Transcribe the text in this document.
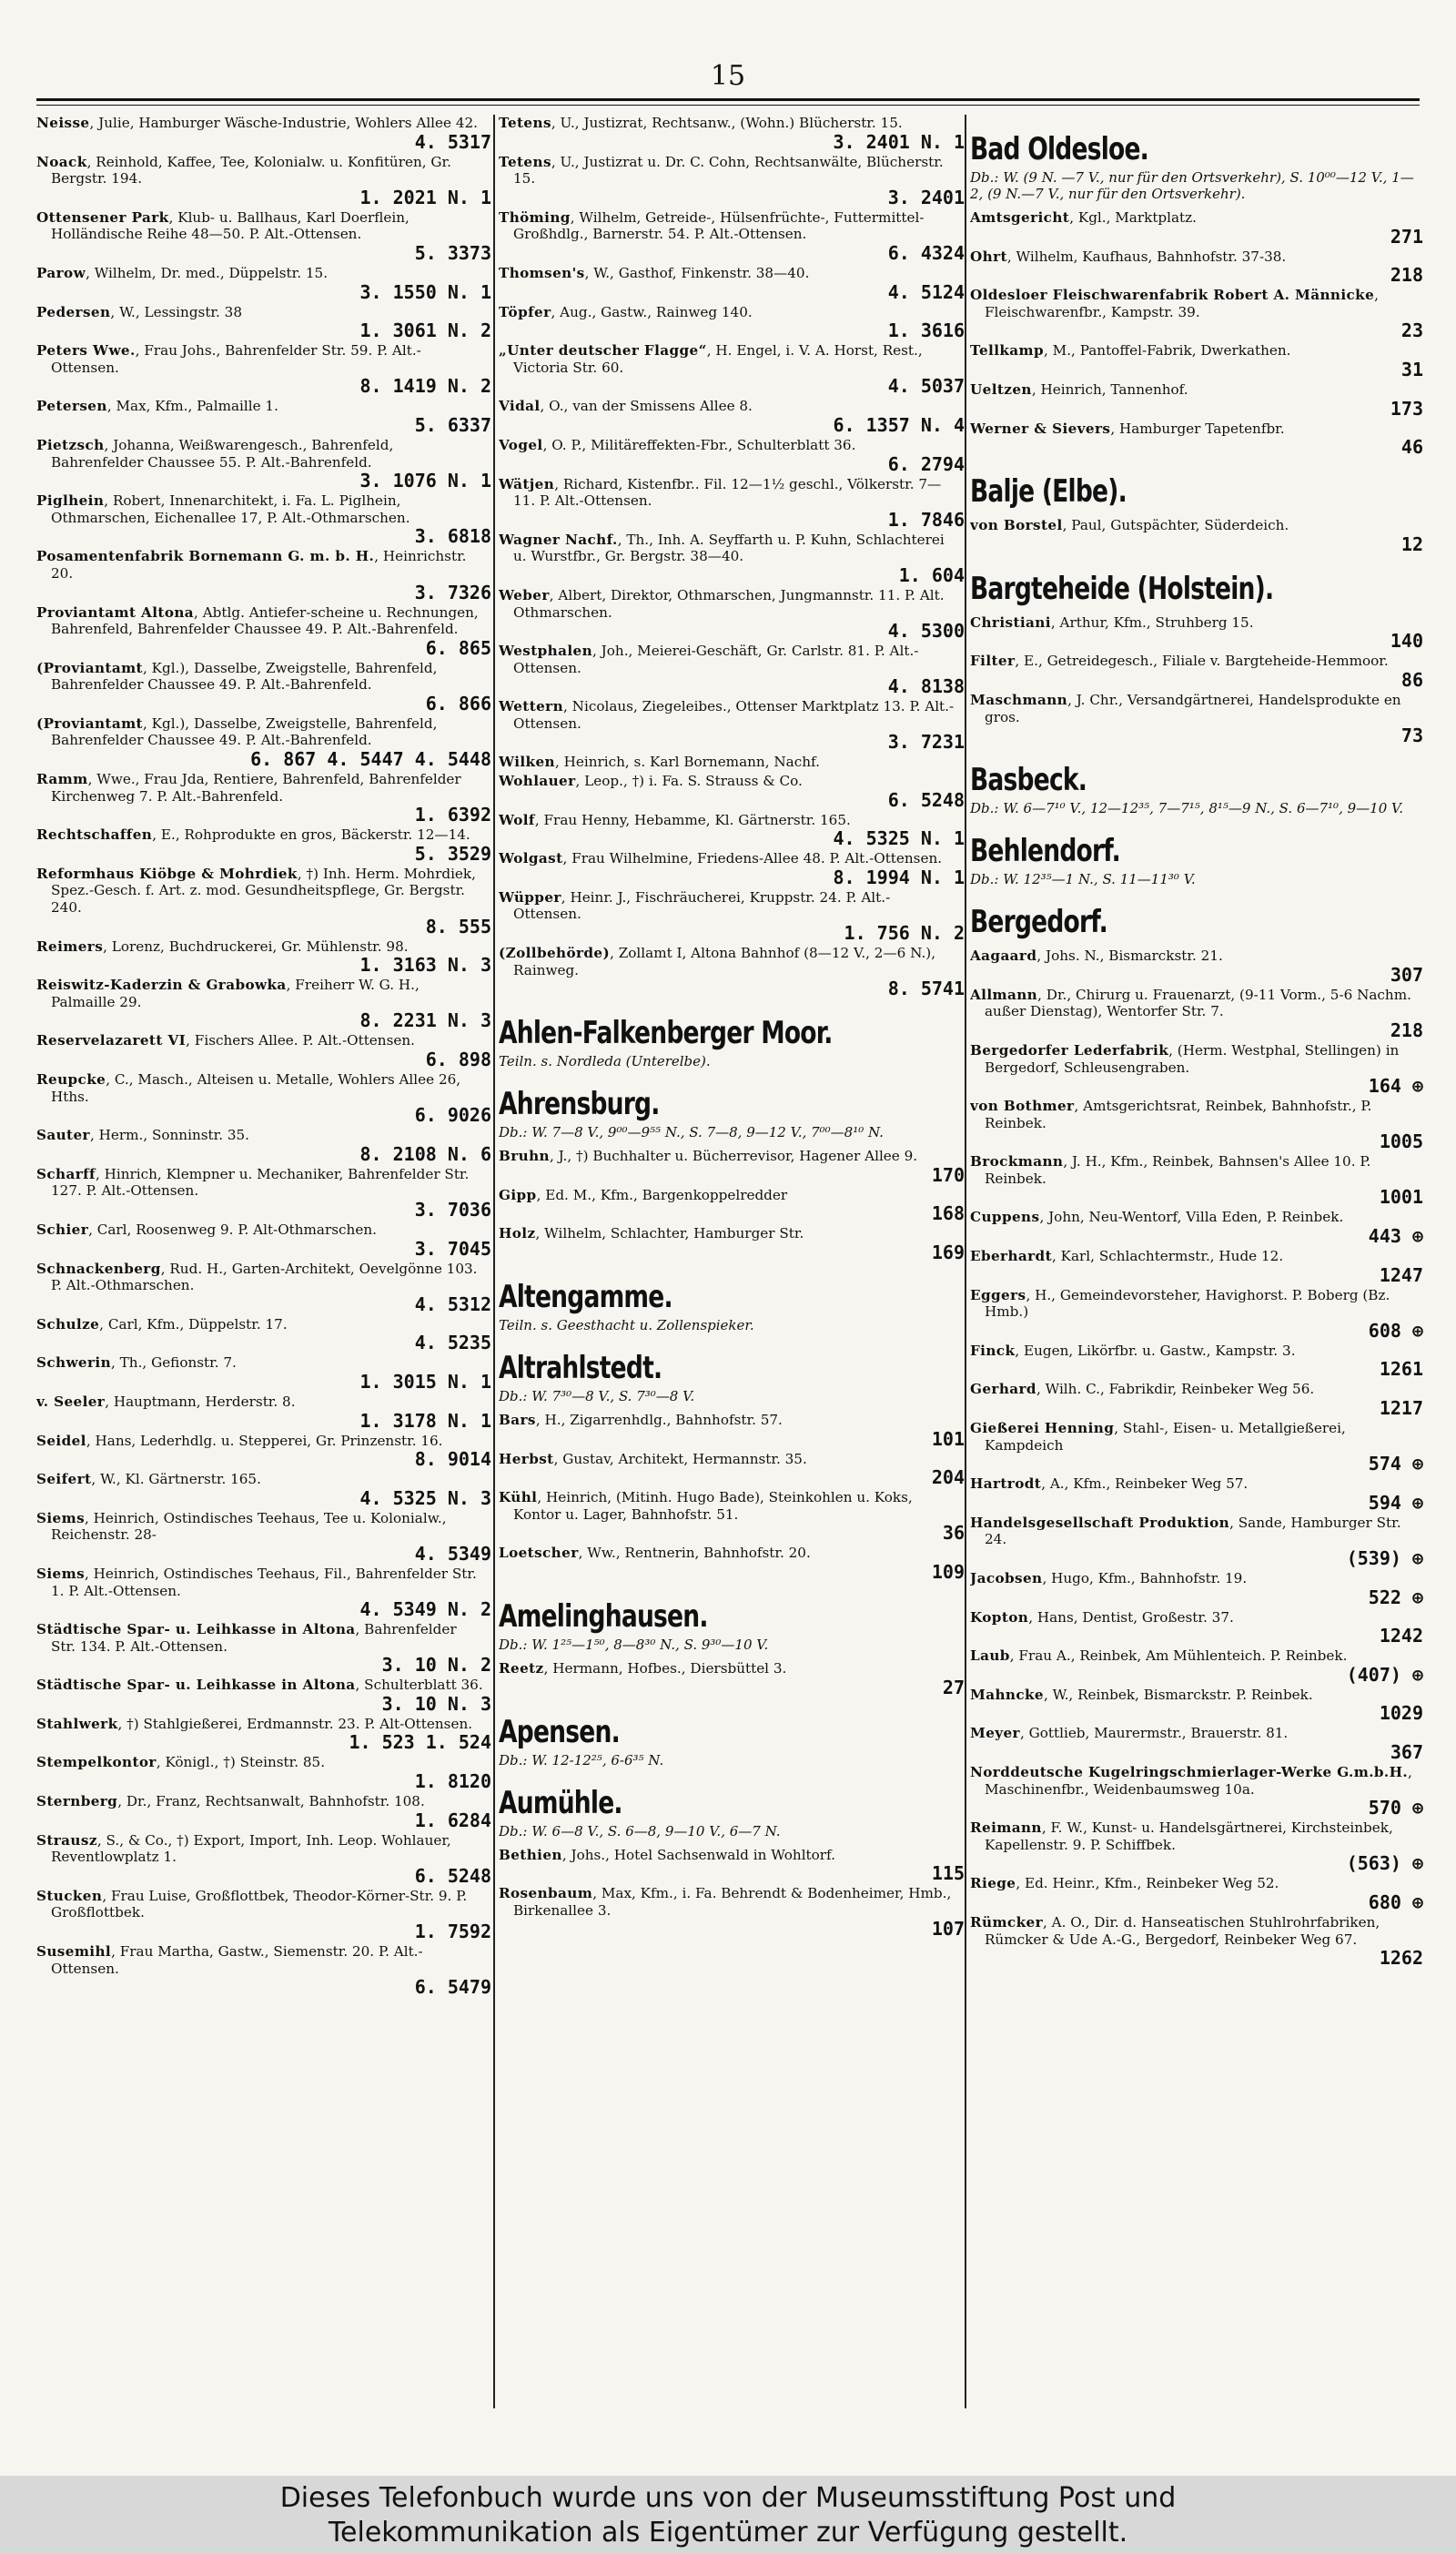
15
Neisse, Julie, Hamburger Wäsche-Industrie, Wohlers Allee 42.
4. 5317
Noack, Reinhold, Kaffee, Tee, Kolonialw. u. Konfitüren, Gr. Bergstr. 194.
1. 2021 N. 1
Ottensener Park, Klub- u. Ballhaus, Karl Doerflein, Holländische Reihe 48—50. P. Alt.-Ottensen.
5. 3373
Parow, Wilhelm, Dr. med., Düppelstr. 15.
3. 1550 N. 1
Pedersen, W., Lessingstr. 38
1. 3061 N. 2
Peters Wwe., Frau Johs., Bahrenfelder Str. 59. P. Alt.-Ottensen.
8. 1419 N. 2
Petersen, Max, Kfm., Palmaille 1.
5. 6337
Pietzsch, Johanna, Weißwarengesch., Bahrenfeld, Bahrenfelder Chaussee 55. P. Alt.-Bahrenfeld.
3. 1076 N. 1
Piglhein, Robert, Innenarchitekt, i. Fa. L. Piglhein, Othmarschen, Eichenallee 17, P. Alt.-Othmarschen.
3. 6818
Posamentenfabrik Bornemann G. m. b. H., Heinrichstr. 20.
3. 7326
Proviantamt Altona, Abtlg. Antiefer-scheine u. Rechnungen, Bahrenfeld, Bahrenfelder Chaussee 49. P. Alt.-Bahrenfeld.
6. 865
(Proviantamt, Kgl.), Dasselbe, Zweigstelle, Bahrenfeld, Bahrenfelder Chaussee 49. P. Alt.-Bahrenfeld.
6. 866
(Proviantamt, Kgl.), Dasselbe, Zweigstelle, Bahrenfeld, Bahrenfelder Chaussee 49. P. Alt.-Bahrenfeld.
6. 867 4. 5447 4. 5448
Ramm, Wwe., Frau Jda, Rentiere, Bahrenfeld, Bahrenfelder Kirchenweg 7. P. Alt.-Bahrenfeld.
1. 6392
Rechtschaffen, E., Rohprodukte en gros, Bäckerstr. 12—14.
5. 3529
Reformhaus Kiöbge & Mohrdiek, †) Inh. Herm. Mohrdiek, Spez.-Gesch. f. Art. z. mod. Gesundheitspflege, Gr. Bergstr. 240.
8. 555
Reimers, Lorenz, Buchdruckerei, Gr. Mühlenstr. 98.
1. 3163 N. 3
Reiswitz-Kaderzin & Grabowka, Freiherr W. G. H., Palmaille 29.
8. 2231 N. 3
Reservelazarett VI, Fischers Allee. P. Alt.-Ottensen.
6. 898
Reupcke, C., Masch., Alteisen u. Metalle, Wohlers Allee 26, Hths.
6. 9026
Sauter, Herm., Sonninstr. 35.
8. 2108 N. 6
Scharff, Hinrich, Klempner u. Mechaniker, Bahrenfelder Str. 127. P. Alt.-Ottensen.
3. 7036
Schier, Carl, Roosenweg 9. P. Alt-Othmarschen.
3. 7045
Schnackenberg, Rud. H., Garten-Architekt, Oevelgönne 103. P. Alt.-Othmarschen.
4. 5312
Schulze, Carl, Kfm., Düppelstr. 17.
4. 5235
Schwerin, Th., Gefionstr. 7.
1. 3015 N. 1
v. Seeler, Hauptmann, Herderstr. 8.
1. 3178 N. 1
Seidel, Hans, Lederhdlg. u. Stepperei, Gr. Prinzenstr. 16.
8. 9014
Seifert, W., Kl. Gärtnerstr. 165.
4. 5325 N. 3
Siems, Heinrich, Ostindisches Teehaus, Tee u. Kolonialw., Reichenstr. 28-
4. 5349
Siems, Heinrich, Ostindisches Teehaus, Fil., Bahrenfelder Str. 1. P. Alt.-Ottensen.
4. 5349 N. 2
Städtische Spar- u. Leihkasse in Altona, Bahrenfelder Str. 134. P. Alt.-Ottensen.
3. 10 N. 2
Städtische Spar- u. Leihkasse in Altona, Schulterblatt 36.
3. 10 N. 3
Stahlwerk, †) Stahlgießerei, Erdmannstr. 23. P. Alt-Ottensen.
1. 523 1. 524
Stempelkontor, Königl., †) Steinstr. 85.
1. 8120
Sternberg, Dr., Franz, Rechtsanwalt, Bahnhofstr. 108.
1. 6284
Strausz, S., & Co., †) Export, Import, Inh. Leop. Wohlauer, Reventlowplatz 1.
6. 5248
Stucken, Frau Luise, Großflottbek, Theodor-Körner-Str. 9. P. Großflottbek.
1. 7592
Susemihl, Frau Martha, Gastw., Siemenstr. 20. P. Alt.-Ottensen.
6. 5479
Tetens, U., Justizrat, Rechtsanw., (Wohn.) Blücherstr. 15.
3. 2401 N. 1
Tetens, U., Justizrat u. Dr. C. Cohn, Rechtsanwälte, Blücherstr. 15.
3. 2401
Thöming, Wilhelm, Getreide-, Hülsenfrüchte-, Futtermittel-Großhdlg., Barnerstr. 54. P. Alt.-Ottensen.
6. 4324
Thomsen's, W., Gasthof, Finkenstr. 38—40.
4. 5124
Töpfer, Aug., Gastw., Rainweg 140.
1. 3616
„Unter deutscher Flagge“, H. Engel, i. V. A. Horst, Rest., Victoria Str. 60.
4. 5037
Vidal, O., van der Smissens Allee 8.
6. 1357 N. 4
Vogel, O. P., Militäreffekten-Fbr., Schulterblatt 36.
6. 2794
Wätjen, Richard, Kistenfbr.. Fil. 12—1½ geschl., Völkerstr. 7—11. P. Alt.-Ottensen.
1. 7846
Wagner Nachf., Th., Inh. A. Seyffarth u. P. Kuhn, Schlachterei u. Wurstfbr., Gr. Bergstr. 38—40.
1. 604
Weber, Albert, Direktor, Othmarschen, Jungmannstr. 11. P. Alt. Othmarschen.
4. 5300
Westphalen, Joh., Meierei-Geschäft, Gr. Carlstr. 81. P. Alt.-Ottensen.
4. 8138
Wettern, Nicolaus, Ziegeleibes., Ottenser Marktplatz 13. P. Alt.-Ottensen.
3. 7231
Wilken, Heinrich, s. Karl Bornemann, Nachf.
Wohlauer, Leop., †) i. Fa. S. Strauss & Co.
6. 5248
Wolf, Frau Henny, Hebamme, Kl. Gärtnerstr. 165.
4. 5325 N. 1
Wolgast, Frau Wilhelmine, Friedens-Allee 48. P. Alt.-Ottensen.
8. 1994 N. 1
Wüpper, Heinr. J., Fischräucherei, Kruppstr. 24. P. Alt.-Ottensen.
1. 756 N. 2
(Zollbehörde), Zollamt I, Altona Bahnhof (8—12 V., 2—6 N.), Rainweg.
8. 5741
Ahlen-Falkenberger Moor.
Teiln. s. Nordleda (Unterelbe).
Ahrensburg.
Db.: W. 7—8 V., 9⁰⁰—9⁵⁵ N., S. 7—8, 9—12 V., 7⁰⁰—8¹⁰ N.
Bruhn, J., †) Buchhalter u. Bücherrevisor, Hagener Allee 9.
170
Gipp, Ed. M., Kfm., Bargenkoppelredder
168
Holz, Wilhelm, Schlachter, Hamburger Str.
169
Altengamme.
Teiln. s. Geesthacht u. Zollenspieker.
Altrahlstedt.
Db.: W. 7³⁰—8 V., S. 7³⁰—8 V.
Bars, H., Zigarrenhdlg., Bahnhofstr. 57.
101
Herbst, Gustav, Architekt, Hermannstr. 35.
204
Kühl, Heinrich, (Mitinh. Hugo Bade), Steinkohlen u. Koks, Kontor u. Lager, Bahnhofstr. 51.
36
Loetscher, Ww., Rentnerin, Bahnhofstr. 20.
109
Amelinghausen.
Db.: W. 1²⁵—1⁵⁰, 8—8³⁰ N., S. 9³⁰—10 V.
Reetz, Hermann, Hofbes., Diersbüttel 3.
27
Apensen.
Db.: W. 12-12²⁵, 6-6³⁵ N.
Aumühle.
Db.: W. 6—8 V., S. 6—8, 9—10 V., 6—7 N.
Bethien, Johs., Hotel Sachsenwald in Wohltorf.
115
Rosenbaum, Max, Kfm., i. Fa. Behrendt & Bodenheimer, Hmb., Birkenallee 3.
107
Bad Oldesloe.
Db.: W. (9 N. —7 V., nur für den Ortsverkehr), S. 10⁰⁰—12 V., 1—2, (9 N.—7 V., nur für den Ortsverkehr).
Amtsgericht, Kgl., Marktplatz.
271
Ohrt, Wilhelm, Kaufhaus, Bahnhofstr. 37-38.
218
Oldesloer Fleischwarenfabrik Robert A. Männicke, Fleischwarenfbr., Kampstr. 39.
23
Tellkamp, M., Pantoffel-Fabrik, Dwerkathen.
31
Ueltzen, Heinrich, Tannenhof.
173
Werner & Sievers, Hamburger Tapetenfbr.
46
Balje (Elbe).
von Borstel, Paul, Gutspächter, Süderdeich.
12
Bargteheide (Holstein).
Christiani, Arthur, Kfm., Struhberg 15.
140
Filter, E., Getreidegesch., Filiale v. Bargteheide-Hemmoor.
86
Maschmann, J. Chr., Versandgärtnerei, Handelsprodukte en gros.
73
Basbeck.
Db.: W. 6—7¹⁰ V., 12—12³⁵, 7—7¹⁵, 8¹⁵—9 N., S. 6—7¹⁰, 9—10 V.
Behlendorf.
Db.: W. 12³⁵—1 N., S. 11—11³⁰ V.
Bergedorf.
Aagaard, Johs. N., Bismarckstr. 21.
307
Allmann, Dr., Chirurg u. Frauenarzt, (9-11 Vorm., 5-6 Nachm. außer Dienstag), Wentorfer Str. 7.
218
Bergedorfer Lederfabrik, (Herm. Westphal, Stellingen) in Bergedorf, Schleusengraben.
164 ⊕
von Bothmer, Amtsgerichtsrat, Reinbek, Bahnhofstr., P. Reinbek.
1005
Brockmann, J. H., Kfm., Reinbek, Bahnsen's Allee 10. P. Reinbek.
1001
Cuppens, John, Neu-Wentorf, Villa Eden, P. Reinbek.
443 ⊕
Eberhardt, Karl, Schlachtermstr., Hude 12.
1247
Eggers, H., Gemeindevorsteher, Havighorst. P. Boberg (Bz. Hmb.)
608 ⊕
Finck, Eugen, Likörfbr. u. Gastw., Kampstr. 3.
1261
Gerhard, Wilh. C., Fabrikdir, Reinbeker Weg 56.
1217
Gießerei Henning, Stahl-, Eisen- u. Metallgießerei, Kampdeich
574 ⊕
Hartrodt, A., Kfm., Reinbeker Weg 57.
594 ⊕
Handelsgesellschaft Produktion, Sande, Hamburger Str. 24.
(539) ⊕
Jacobsen, Hugo, Kfm., Bahnhofstr. 19.
522 ⊕
Kopton, Hans, Dentist, Großestr. 37.
1242
Laub, Frau A., Reinbek, Am Mühlenteich. P. Reinbek.
(407) ⊕
Mahncke, W., Reinbek, Bismarckstr. P. Reinbek.
1029
Meyer, Gottlieb, Maurermstr., Brauerstr. 81.
367
Norddeutsche Kugelringschmierlager-Werke G.m.b.H., Maschinenfbr., Weidenbaumsweg 10a.
570 ⊕
Reimann, F. W., Kunst- u. Handelsgärtnerei, Kirchsteinbek, Kapellenstr. 9. P. Schiffbek.
(563) ⊕
Riege, Ed. Heinr., Kfm., Reinbeker Weg 52.
680 ⊕
Rümcker, A. O., Dir. d. Hanseatischen Stuhlrohrfabriken, Rümcker & Ude A.-G., Bergedorf, Reinbeker Weg 67.
1262
Dieses Telefonbuch wurde uns von der Museumsstiftung Post und
Telekommunikation als Eigentümer zur Verfügung gestellt.
